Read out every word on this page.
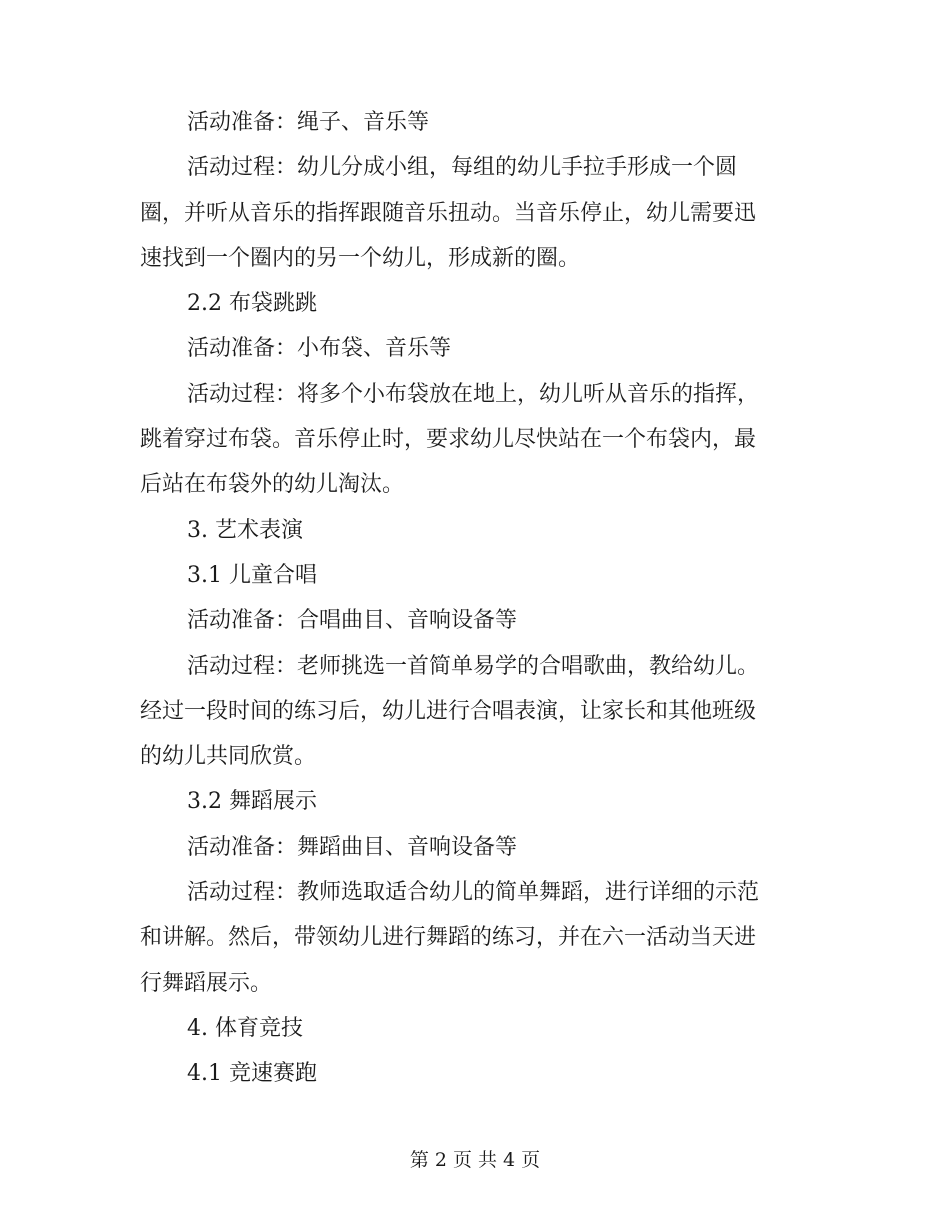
活动准备：绳子、音乐等
活动过程：幼儿分成小组，每组的幼儿手拉手形成一个圆
圈，并听从音乐的指挥跟随音乐扭动。当音乐停止，幼儿需要迅
速找到一个圈内的另一个幼儿，形成新的圈。
2.2 布袋跳跳
活动准备：小布袋、音乐等
活动过程：将多个小布袋放在地上，幼儿听从音乐的指挥，
跳着穿过布袋。音乐停止时，要求幼儿尽快站在一个布袋内，最
后站在布袋外的幼儿淘汰。
3. 艺术表演
3.1 儿童合唱
活动准备：合唱曲目、音响设备等
活动过程：老师挑选一首简单易学的合唱歌曲，教给幼儿。
经过一段时间的练习后，幼儿进行合唱表演，让家长和其他班级
的幼儿共同欣赏。
3.2 舞蹈展示
活动准备：舞蹈曲目、音响设备等
活动过程：教师选取适合幼儿的简单舞蹈，进行详细的示范
和讲解。然后，带领幼儿进行舞蹈的练习，并在六一活动当天进
行舞蹈展示。
4. 体育竞技
4.1 竞速赛跑
第 2 页 共 4 页
